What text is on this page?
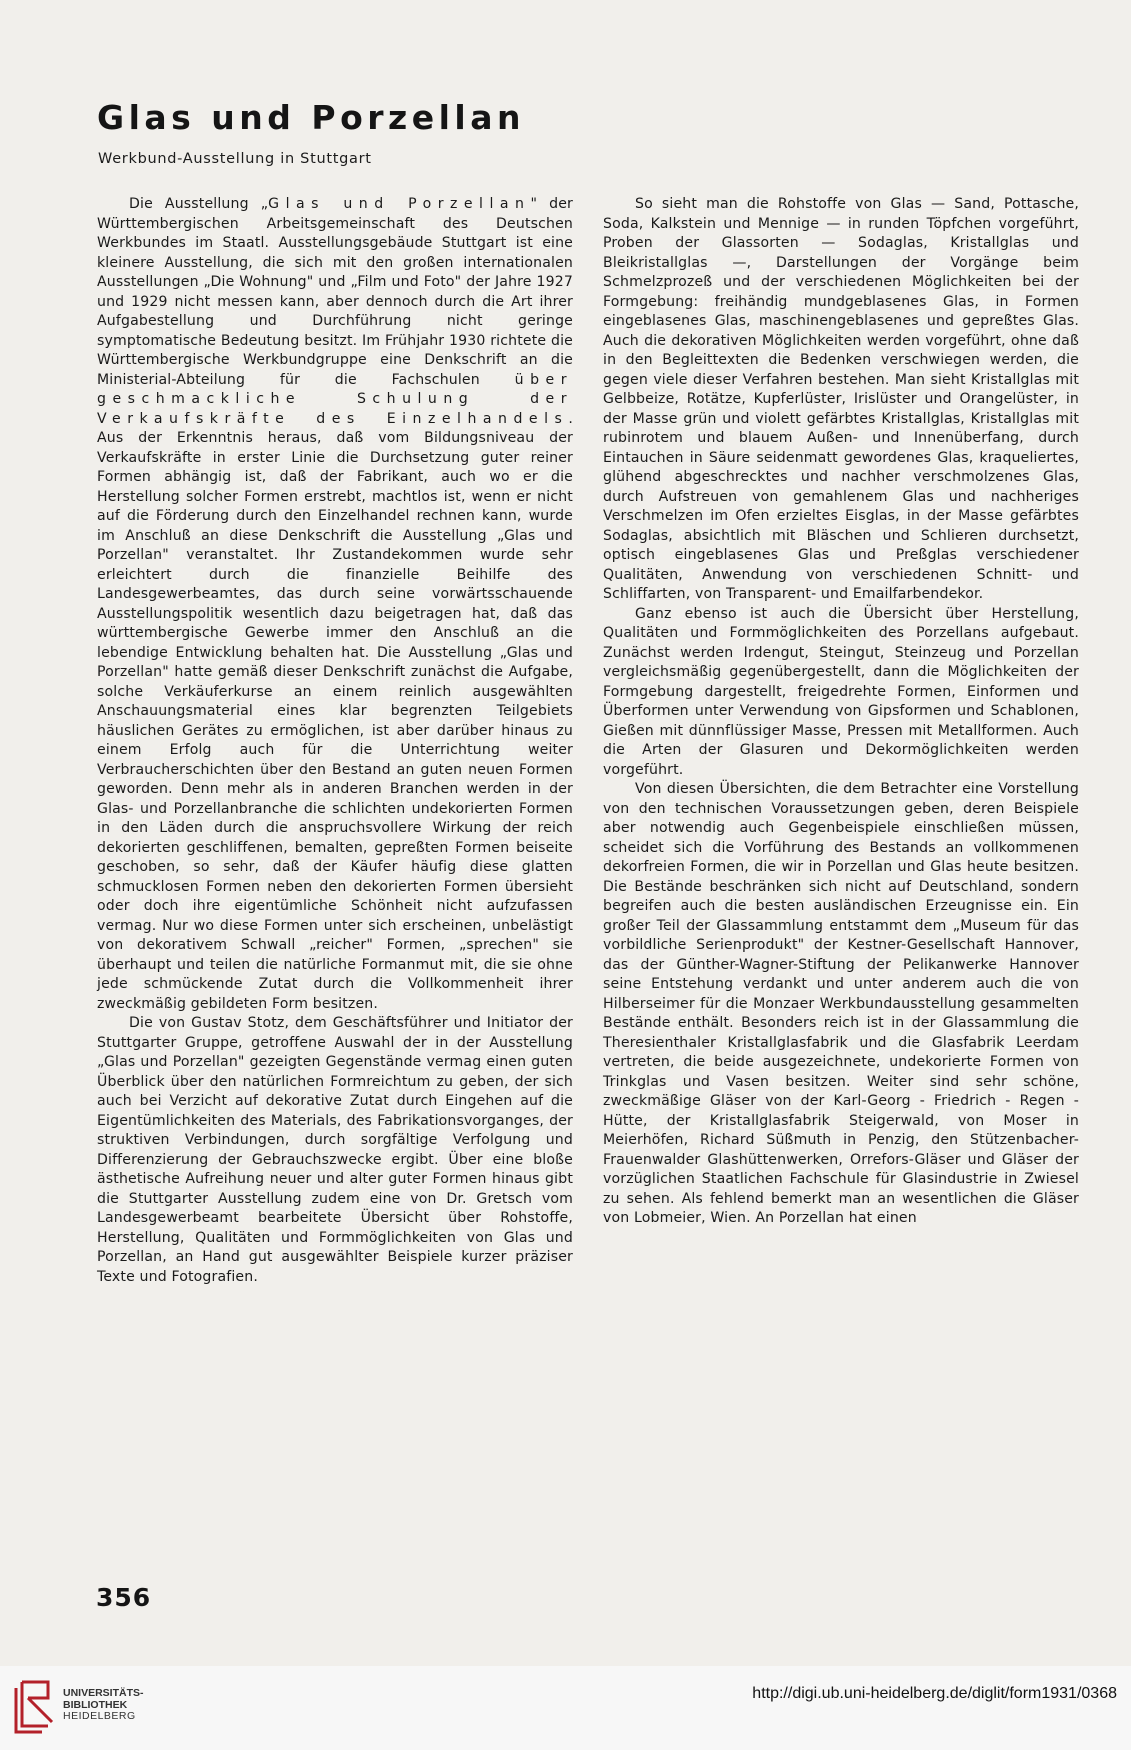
Glas und Porzellan
Werkbund-Ausstellung in Stuttgart

Die Ausstellung „Glas und Porzellan" der Württembergischen Arbeitsgemeinschaft des Deutschen Werkbundes im Staatl. Ausstellungsgebäude Stuttgart ist eine kleinere Ausstellung, die sich mit den großen internationalen Ausstellungen „Die Wohnung" und „Film und Foto" der Jahre 1927 und 1929 nicht messen kann, aber dennoch durch die Art ihrer Aufgabestellung und Durchführung nicht geringe symptomatische Bedeutung besitzt. Im Frühjahr 1930 richtete die Württembergische Werkbundgruppe eine Denkschrift an die Ministerial-Abteilung für die Fachschulen über geschmackliche Schulung der Verkaufskräfte des Einzelhandels. Aus der Erkenntnis heraus, daß vom Bildungsniveau der Verkaufskräfte in erster Linie die Durchsetzung guter reiner Formen abhängig ist, daß der Fabrikant, auch wo er die Herstellung solcher Formen erstrebt, machtlos ist, wenn er nicht auf die Förderung durch den Einzelhandel rechnen kann, wurde im Anschluß an diese Denkschrift die Ausstellung „Glas und Porzellan" veranstaltet. Ihr Zustandekommen wurde sehr erleichtert durch die finanzielle Beihilfe des Landesgewerbeamtes, das durch seine vorwärtsschauende Ausstellungspolitik wesentlich dazu beigetragen hat, daß das württembergische Gewerbe immer den Anschluß an die lebendige Entwicklung behalten hat. Die Ausstellung „Glas und Porzellan" hatte gemäß dieser Denkschrift zunächst die Aufgabe, solche Verkäuferkurse an einem reinlich ausgewählten Anschauungsmaterial eines klar begrenzten Teilgebiets häuslichen Gerätes zu ermöglichen, ist aber darüber hinaus zu einem Erfolg auch für die Unterrichtung weiter Verbraucherschichten über den Bestand an guten neuen Formen geworden. Denn mehr als in anderen Branchen werden in der Glas- und Porzellanbranche die schlichten undekorierten Formen in den Läden durch die anspruchsvollere Wirkung der reich dekorierten geschliffenen, bemalten, gepreßten Formen beiseite geschoben, so sehr, daß der Käufer häufig diese glatten schmucklosen Formen neben den dekorierten Formen übersieht oder doch ihre eigentümliche Schönheit nicht aufzufassen vermag. Nur wo diese Formen unter sich erscheinen, unbelästigt von dekorativem Schwall „reicher" Formen, „sprechen" sie überhaupt und teilen die natürliche Formanmut mit, die sie ohne jede schmückende Zutat durch die Vollkommenheit ihrer zweckmäßig gebildeten Form besitzen.

Die von Gustav Stotz, dem Geschäftsführer und Initiator der Stuttgarter Gruppe, getroffene Auswahl der in der Ausstellung „Glas und Porzellan" gezeigten Gegenstände vermag einen guten Überblick über den natürlichen Formreichtum zu geben, der sich auch bei Verzicht auf dekorative Zutat durch Eingehen auf die Eigentümlichkeiten des Materials, des Fabrikationsvorganges, der struktiven Verbindungen, durch sorgfältige Verfolgung und Differenzierung der Gebrauchszwecke ergibt. Über eine bloße ästhetische Aufreihung neuer und alter guter Formen hinaus gibt die Stuttgarter Ausstellung zudem eine von Dr. Gretsch vom Landesgewerbeamt bearbeitete Übersicht über Rohstoffe, Herstellung, Qualitäten und Formmöglichkeiten von Glas und Porzellan, an Hand gut ausgewählter Beispiele kurzer präziser Texte und Fotografien.

So sieht man die Rohstoffe von Glas — Sand, Pottasche, Soda, Kalkstein und Mennige — in runden Töpfchen vorgeführt, Proben der Glassorten — Sodaglas, Kristallglas und Bleikristallglas —, Darstellungen der Vorgänge beim Schmelzprozeß und der verschiedenen Möglichkeiten bei der Formgebung: freihändig mundgeblasenes Glas, in Formen eingeblasenes Glas, maschinengeblasenes und gepreßtes Glas. Auch die dekorativen Möglichkeiten werden vorgeführt, ohne daß in den Begleittexten die Bedenken verschwiegen werden, die gegen viele dieser Verfahren bestehen. Man sieht Kristallglas mit Gelbbeize, Rotätze, Kupferlüster, Irislüster und Orangelüster, in der Masse grün und violett gefärbtes Kristallglas, Kristallglas mit rubinrotem und blauem Außen- und Innenüberfang, durch Eintauchen in Säure seidenmatt gewordenes Glas, kraqueliertes, glühend abgeschrecktes und nachher verschmolzenes Glas, durch Aufstreuen von gemahlenem Glas und nachheriges Verschmelzen im Ofen erzieltes Eisglas, in der Masse gefärbtes Sodaglas, absichtlich mit Bläschen und Schlieren durchsetzt, optisch eingeblasenes Glas und Preßglas verschiedener Qualitäten, Anwendung von verschiedenen Schnitt- und Schliffarten, von Transparent- und Emailfarbendekor.

Ganz ebenso ist auch die Übersicht über Herstellung, Qualitäten und Formmöglichkeiten des Porzellans aufgebaut. Zunächst werden Irdengut, Steingut, Steinzeug und Porzellan vergleichsmäßig gegenübergestellt, dann die Möglichkeiten der Formgebung dargestellt, freigedrehte Formen, Einformen und Überformen unter Verwendung von Gipsformen und Schablonen, Gießen mit dünnflüssiger Masse, Pressen mit Metallformen. Auch die Arten der Glasuren und Dekormöglichkeiten werden vorgeführt.

Von diesen Übersichten, die dem Betrachter eine Vorstellung von den technischen Voraussetzungen geben, deren Beispiele aber notwendig auch Gegenbeispiele einschließen müssen, scheidet sich die Vorführung des Bestands an vollkommenen dekorfreien Formen, die wir in Porzellan und Glas heute besitzen. Die Bestände beschränken sich nicht auf Deutschland, sondern begreifen auch die besten ausländischen Erzeugnisse ein. Ein großer Teil der Glassammlung entstammt dem „Museum für das vorbildliche Serienprodukt" der Kestner-Gesellschaft Hannover, das der Günther-Wagner-Stiftung der Pelikanwerke Hannover seine Entstehung verdankt und unter anderem auch die von Hilberseimer für die Monzaer Werkbundausstellung gesammelten Bestände enthält. Besonders reich ist in der Glassammlung die Theresienthaler Kristallglasfabrik und die Glasfabrik Leerdam vertreten, die beide ausgezeichnete, undekorierte Formen von Trinkglas und Vasen besitzen. Weiter sind sehr schöne, zweckmäßige Gläser von der Karl-Georg - Friedrich - Regen - Hütte, der Kristallglasfabrik Steigerwald, von Moser in Meierhöfen, Richard Süßmuth in Penzig, den Stützenbacher-Frauenwalder Glashüttenwerken, Orrefors-Gläser und Gläser der vorzüglichen Staatlichen Fachschule für Glasindustrie in Zwiesel zu sehen. Als fehlend bemerkt man an wesentlichen die Gläser von Lobmeier, Wien. An Porzellan hat einen

356
UNIVERSITÄTS-
BIBLIOTHEK
HEIDELBERG
http://digi.ub.uni-heidelberg.de/diglit/form1931/0368
